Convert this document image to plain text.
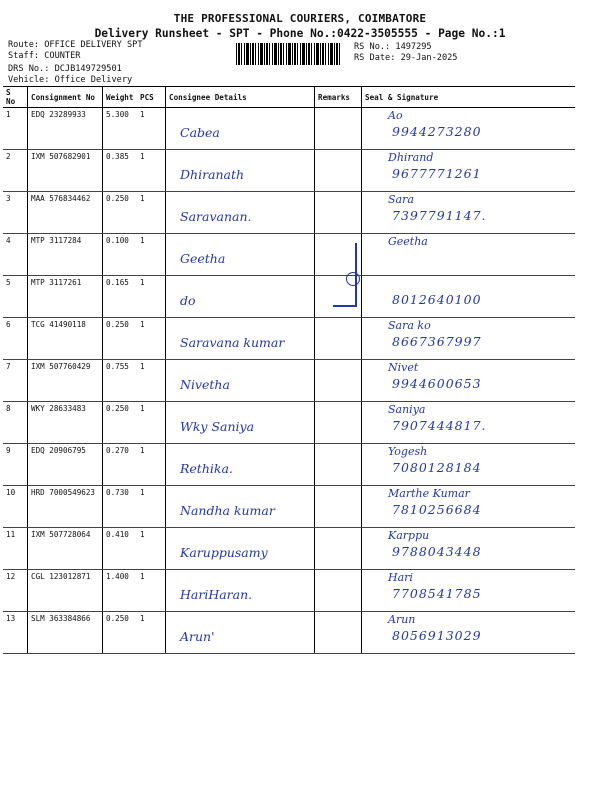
THE PROFESSIONAL COURIERS, COIMBATORE
Delivery Runsheet - SPT - Phone No.:0422-3505555 - Page No.:1
Route: OFFICE DELIVERY SPT
Staff: COUNTER
DRS No.: DCJB149729501
Vehicle: Office Delivery
RS No.: 1497295
RS Date: 29-Jan-2025
S No	Consignment No	Weight	PCS	Consignee Details	Remarks	Seal & Signature
1	EDQ 23289933	5.300	1	Cabea		Ao
9944273280

2	IXM 507682901	0.385	1	Dhiranath		Dhirand
9677771261

3	MAA 576834462	0.250	1	Saravanan.		Sara
7397791147.

4	MTP 3117284	0.100	1	Geetha		Geetha

5	MTP 3117261	0.165	1	do		8012640100

6	TCG 41490118	0.250	1	Saravana kumar		Sara ko
8667367997

7	IXM 507760429	0.755	1	Nivetha		Nivet
9944600653

8	WKY 28633483	0.250	1	Wky Saniya		Saniya
7907444817.

9	EDQ 20906795	0.270	1	Rethika.		Yogesh
7080128184

10	HRD 7000549623	0.730	1	Nandha kumar		Marthe Kumar
7810256684

11	IXM 507728064	0.410	1	Karuppusamy		Karppu
9788043448

12	CGL 123012871	1.400	1	HariHaran.		Hari
7708541785

13	SLM 363384866	0.250	1	Arun'		Arun
8056913029
